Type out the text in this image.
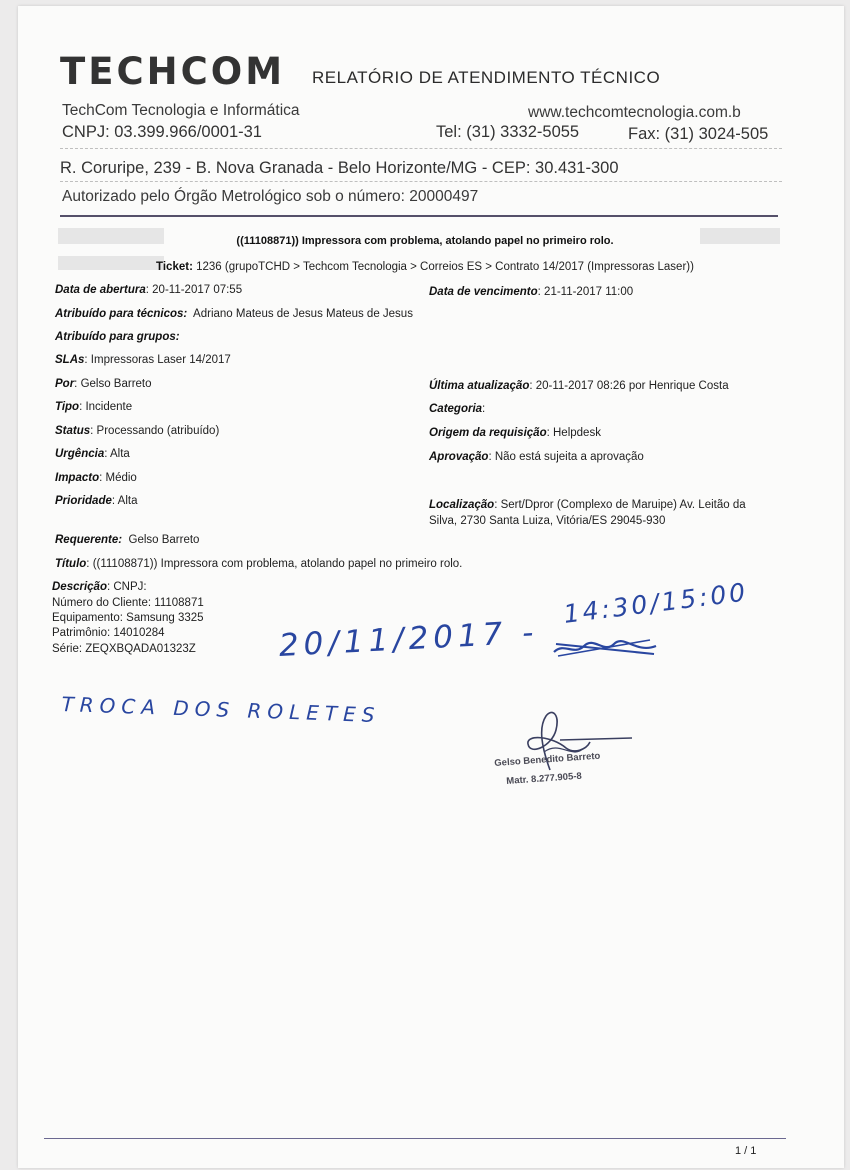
TECHCOM RELATÓRIO DE ATENDIMENTO TÉCNICO
TechCom Tecnologia e Informática	www.techcomtecnologia.com.b
CNPJ: 03.399.966/0001-31	Tel: (31) 3332-5055	Fax: (31) 3024-505
R. Coruripe, 239 - B. Nova Granada - Belo Horizonte/MG - CEP: 30.431-300
Autorizado pelo Órgão Metrológico sob o número: 20000497
((11108871)) Impressora com problema, atolando papel no primeiro rolo.
Ticket: 1236 (grupoTCHD > Techcom Tecnologia > Correios ES > Contrato 14/2017 (Impressoras Laser))
Data de abertura: 20-11-2017 07:55	Data de vencimento: 21-11-2017 11:00
Atribuído para técnicos: Adriano Mateus de Jesus Mateus de Jesus
Atribuído para grupos:
SLAs: Impressoras Laser 14/2017
Por: Gelso Barreto	Última atualização: 20-11-2017 08:26 por Henrique Costa
Tipo: Incidente	Categoria:
Status: Processando (atribuído)	Origem da requisição: Helpdesk
Urgência: Alta	Aprovação: Não está sujeita a aprovação
Impacto: Médio
Prioridade: Alta	Localização: Sert/Dpror (Complexo de Maruipe) Av. Leitão da
Silva, 2730 Santa Luiza, Vitória/ES 29045-930
Requerente: Gelso Barreto
Título: ((11108871)) Impressora com problema, atolando papel no primeiro rolo.
Descrição: CNPJ:
Número do Cliente: 11108871
Equipamento: Samsung 3325
Patrimônio: 14010284
Série: ZEQXBQADA01323Z
14:30/15:00
20/11/2017 -
TROCA DOS ROLETES
Gelso Benedito Barreto
Matr. 8.277.905-8
1 / 1
